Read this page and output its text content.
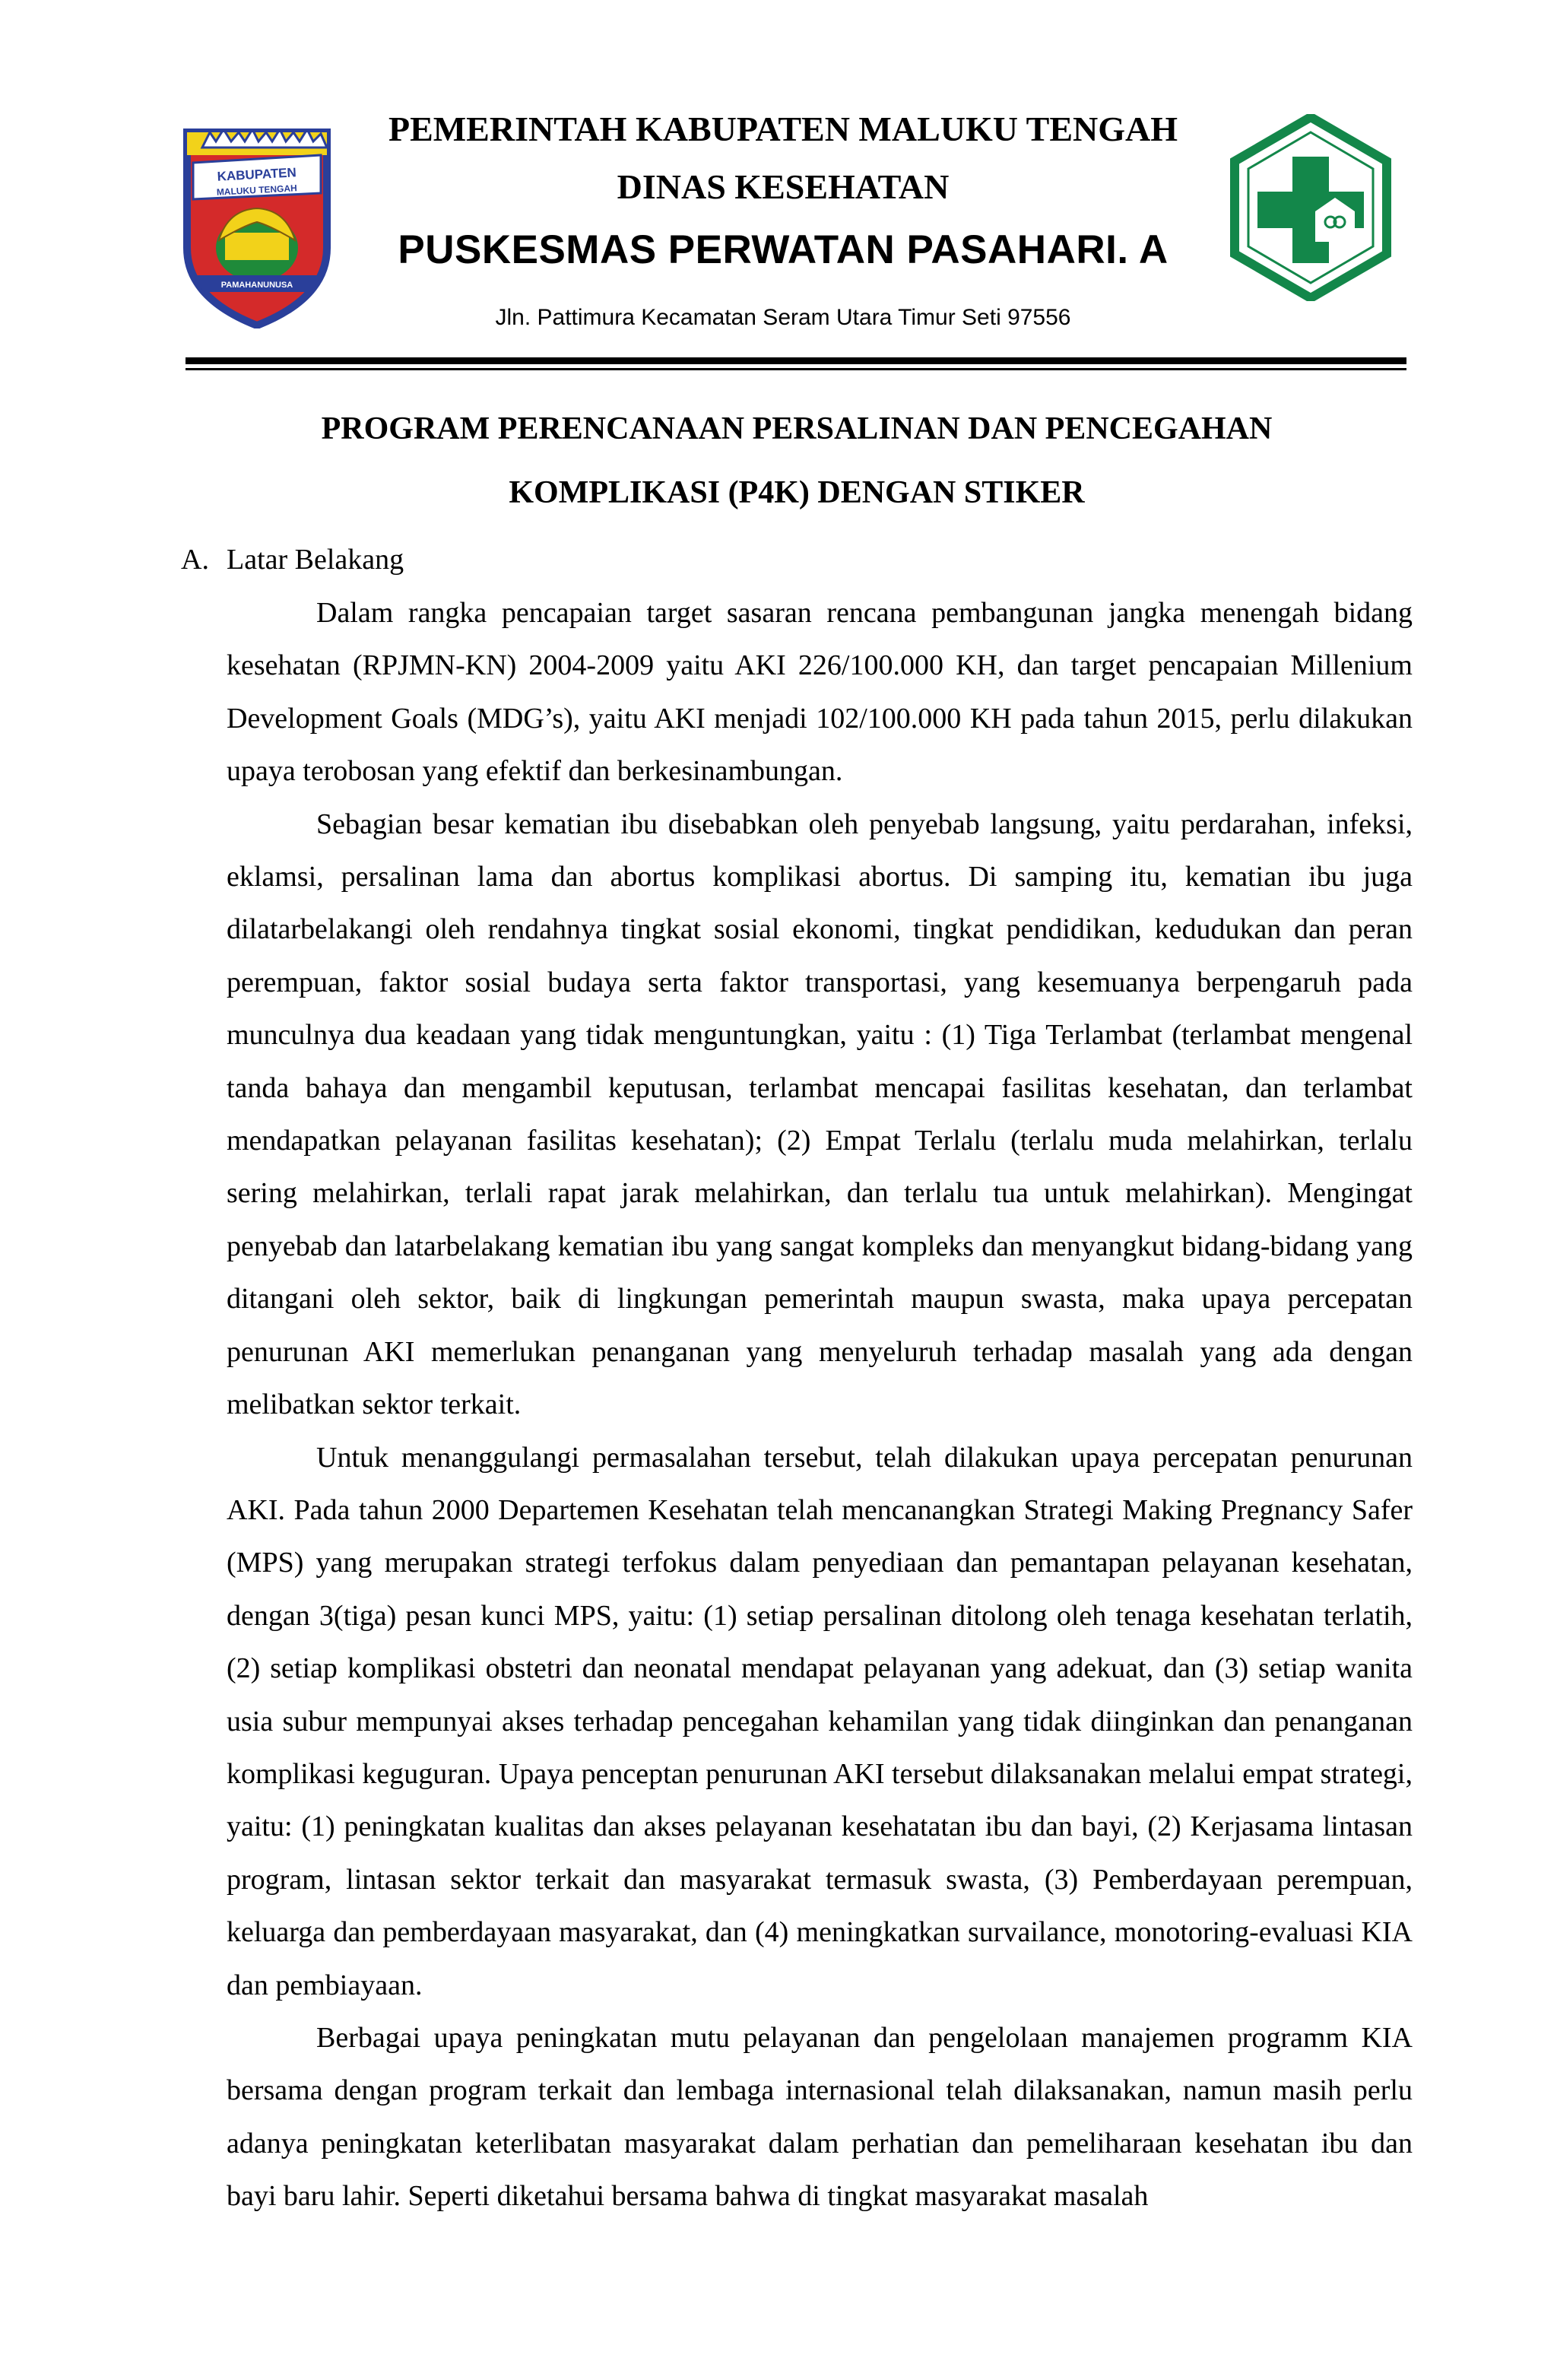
KABUPATEN
MALUKU TENGAH
PAMAHANUNUSA
PEMERINTAH KABUPATEN MALUKU TENGAH
DINAS KESEHATAN
PUSKESMAS PERWATAN PASAHARI. A
Jln. Pattimura Kecamatan Seram Utara Timur Seti 97556
PROGRAM PERENCANAAN PERSALINAN DAN PENCEGAHAN
KOMPLIKASI (P4K) DENGAN STIKER
A. Latar Belakang

Dalam rangka pencapaian target sasaran rencana pembangunan jangka menengah bidang kesehatan (RPJMN-KN) 2004-2009 yaitu AKI 226/100.000 KH, dan target pencapaian Millenium Development Goals (MDG’s), yaitu AKI menjadi 102/100.000 KH pada tahun 2015, perlu dilakukan upaya terobosan yang efektif dan berkesinambungan.

Sebagian besar kematian ibu disebabkan oleh penyebab langsung, yaitu perdarahan, infeksi, eklamsi, persalinan lama dan abortus komplikasi abortus. Di samping itu, kematian ibu juga dilatarbelakangi oleh rendahnya tingkat sosial ekonomi, tingkat pendidikan, kedudukan dan peran perempuan, faktor sosial budaya serta faktor transportasi, yang kesemuanya berpengaruh pada munculnya dua keadaan yang tidak menguntungkan, yaitu : (1) Tiga Terlambat (terlambat mengenal tanda bahaya dan mengambil keputusan, terlambat mencapai fasilitas kesehatan, dan terlambat mendapatkan pelayanan fasilitas kesehatan); (2) Empat Terlalu (terlalu muda melahirkan, terlalu sering melahirkan, terlali rapat jarak melahirkan, dan terlalu tua untuk melahirkan). Mengingat penyebab dan latarbelakang kematian ibu yang sangat kompleks dan menyangkut bidang-bidang yang ditangani oleh sektor, baik di lingkungan pemerintah maupun swasta, maka upaya percepatan penurunan AKI memerlukan penanganan yang menyeluruh terhadap masalah yang ada dengan melibatkan sektor terkait.

Untuk menanggulangi permasalahan tersebut, telah dilakukan upaya percepatan penurunan AKI. Pada tahun 2000 Departemen Kesehatan telah mencanangkan Strategi Making Pregnancy Safer (MPS) yang merupakan strategi terfokus dalam penyediaan dan pemantapan pelayanan kesehatan, dengan 3(tiga) pesan kunci MPS, yaitu: (1) setiap persalinan ditolong oleh tenaga kesehatan terlatih, (2) setiap komplikasi obstetri dan neonatal mendapat pelayanan yang adekuat, dan (3) setiap wanita usia subur mempunyai akses terhadap pencegahan kehamilan yang tidak diinginkan dan penanganan komplikasi keguguran. Upaya penceptan penurunan AKI tersebut dilaksanakan melalui empat strategi, yaitu: (1) peningkatan kualitas dan akses pelayanan kesehatatan ibu dan bayi, (2) Kerjasama lintasan program, lintasan sektor terkait dan masyarakat termasuk swasta, (3) Pemberdayaan perempuan, keluarga dan pemberdayaan masyarakat, dan (4) meningkatkan survailance, monotoring-evaluasi KIA dan pembiayaan.

Berbagai upaya peningkatan mutu pelayanan dan pengelolaan manajemen programm KIA bersama dengan program terkait dan lembaga internasional telah dilaksanakan, namun masih perlu adanya peningkatan keterlibatan masyarakat dalam perhatian dan pemeliharaan kesehatan ibu dan bayi baru lahir. Seperti diketahui bersama bahwa di tingkat masyarakat masalah
